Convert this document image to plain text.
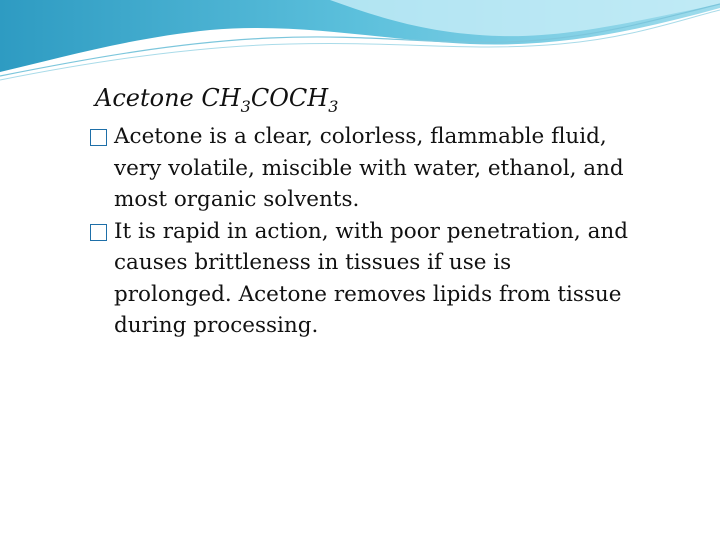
Acetone $CH_3COCH_3$

Acetone is a clear, colorless, flammable fluid, very volatile, miscible with water, ethanol, and most organic solvents.

It is rapid in action, with poor penetration, and causes brittleness in tissues if use is prolonged. Acetone removes lipids from tissue during processing.
